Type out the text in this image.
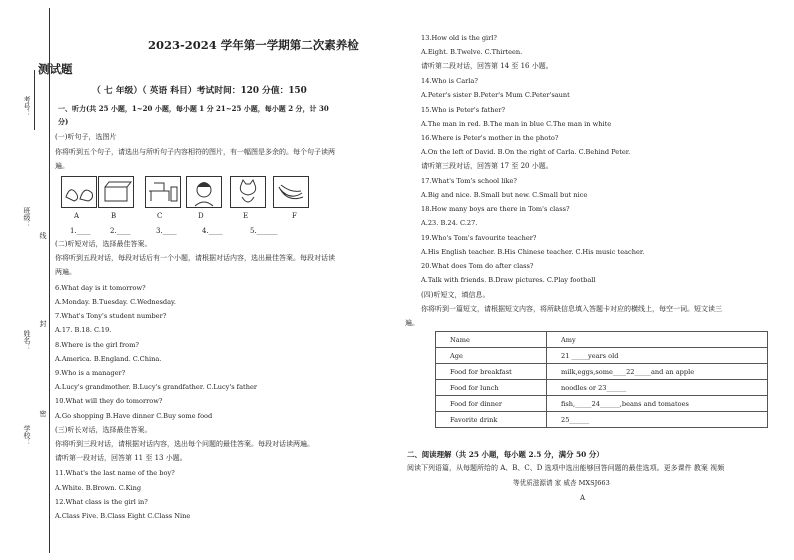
考号：
班级：
线
姓名：
封
密
学校：
2023-2024 学年第一学期第二次素养检
测试题
（ 七 年级）（ 英语 科目）考试时间：120 分值：150
一、听力(共 25 小题，1~20 小题，每小题 1 分 21~25 小题，每小题 2 分，计 30
分)
(一)听句子，选图片
你将听到五个句子，请选出与所听句子内容相符的图片，有一幅图是多余的。每个句子读两
遍。
A	B	C	D	E	F
1.____	2.____	3.____	4.____	5.______
(二)听短对话，选择最佳答案。
你将听到五段对话，每段对话后有一个小题，请根据对话内容，选出最佳答案。每段对话读
两遍。
6.What day is it tomorrow?
A.Monday. B.Tuesday. C.Wednesday.
7.What's Tony's student number?
A.17. B.18. C.19.
8.Where is the girl from?
A.America. B.England. C.China.
9.Who is a manager?
A.Lucy's grandmother. B.Lucy's grandfather. C.Lucy's father
10.What will they do tomorrow?
A.Go shopping B.Have dinner C.Buy some food
(三)听长对话，选择最佳答案。
你将听到三段对话，请根据对话内容，选出每个问题的最佳答案。每段对话读两遍。
请听第一段对话，回答第 11 至 13 小题。
11.What's the last name of the boy?
A.White. B.Brown. C.King
12.What class is the girl in?
A.Class Five. B.Class Eight C.Class Nine
13.How old is the girl?
A.Eight. B.Twelve. C.Thirteen.
请听第二段对话，回答第 14 至 16 小题。
14.Who is Carla?
A.Peter's sister B.Peter's Mum C.Peter'saunt
15.Who is Peter's father?
A.The man in red. B.The man in blue C.The man in white
16.Where is Peter's mother in the photo?
A.On the left of David. B.On the right of Carla. C.Behind Peter.
请听第三段对话，回答第 17 至 20 小题。
17.What's Tom's school like?
A.Big and nice. B.Small but new. C.Small but nice
18.How many boys are there in Tom's class?
A.23. B.24. C.27.
19.Who's Tom's favourite teacher?
A.His English teacher. B.His Chinese teacher. C.His music teacher.
20.What does Tom do after class?
A.Talk with friends. B.Draw pictures. C.Play football
(四)听短文，填信息。
你将听到一篇短文，请根据短文内容，将所缺信息填入答题卡对应的横线上，每空一词。短文读三
遍。
Name	Amy
Age	21 _____years old
Food for breakfast	milk,eggs,some____22_____and an apple
Food for lunch	noodles or 23______
Food for dinner	fish,_____24______,beans and tomatoes
Favorite drink	25______
二、阅读理解（共 25 小题，每小题 2.5 分，满分 50 分）
阅读下列语篇，从每题所给的 A、B、C、D 选项中选出能够回答问题的最佳选项。更多课件 教案 视频
等优质滋源请 家 威杏 MXSJ663
A
